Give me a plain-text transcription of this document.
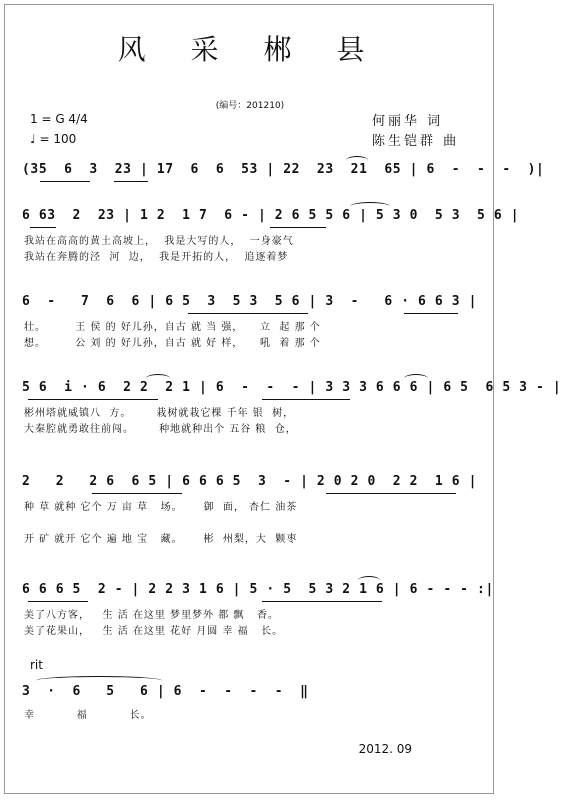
风 采 郴 县
(编号：201210)
1 = G 4/4
♩ = 100
何丽华 词
陈生铠群 曲
(35  6  3  23 | 17  6  6  53 | 22  23  21  65 | 6  -  -  -  )|
6 63  2  23 | 1 2  1 7  6 - | 2 6 5 5 6 | 5 3 0  5 3  5 6 |
我站在高高的黄土高坡上，  我是大写的人，  一身豪气
我站在奔腾的泾  河  边，  我是开拓的人，  追逐着梦
6  -   7  6  6 | 6 5  3  5 3  5 6 | 3  -   6 · 6 6 3 |
壮。       王 侯 的 好儿孙，自古 就 当 强，    立  起 那 个
想。       公 刘 的 好儿孙，自古 就 好 样，    吼  着 那 个
5 6  i · 6  2 2  2 1 | 6  -  -  - | 3 3 3 6 6 6 | 6 5  6 5 3 - |
彬州塔就威镇八  方。      栽树就栽它棵 千年 银  树，
大秦腔就勇敢往前闯。      种地就种出个 五谷 粮  仓，
2   2   2 6  6 5 | 6 6 6 5  3  - | 2 0 2 0  2 2  1 6 |
种 草 就种 它个 万 亩 草   场。     御  面， 杏仁 油茶
开 矿 就开 它个 遍 地 宝   藏。     彬  州梨，大  颗枣
6 6 6 5  2 - | 2 2 3 1 6 | 5 · 5  5 3 2 1 6 | 6 - - - :|
美了八方客，   生 活 在这里 梦里梦外 都 飘   香。
美了花果山，   生 活 在这里 花好 月圆 幸 福   长。
rit
3  ·  6   5   6 | 6  -  -  -  -  ‖
幸          福          长。
2012. 09
